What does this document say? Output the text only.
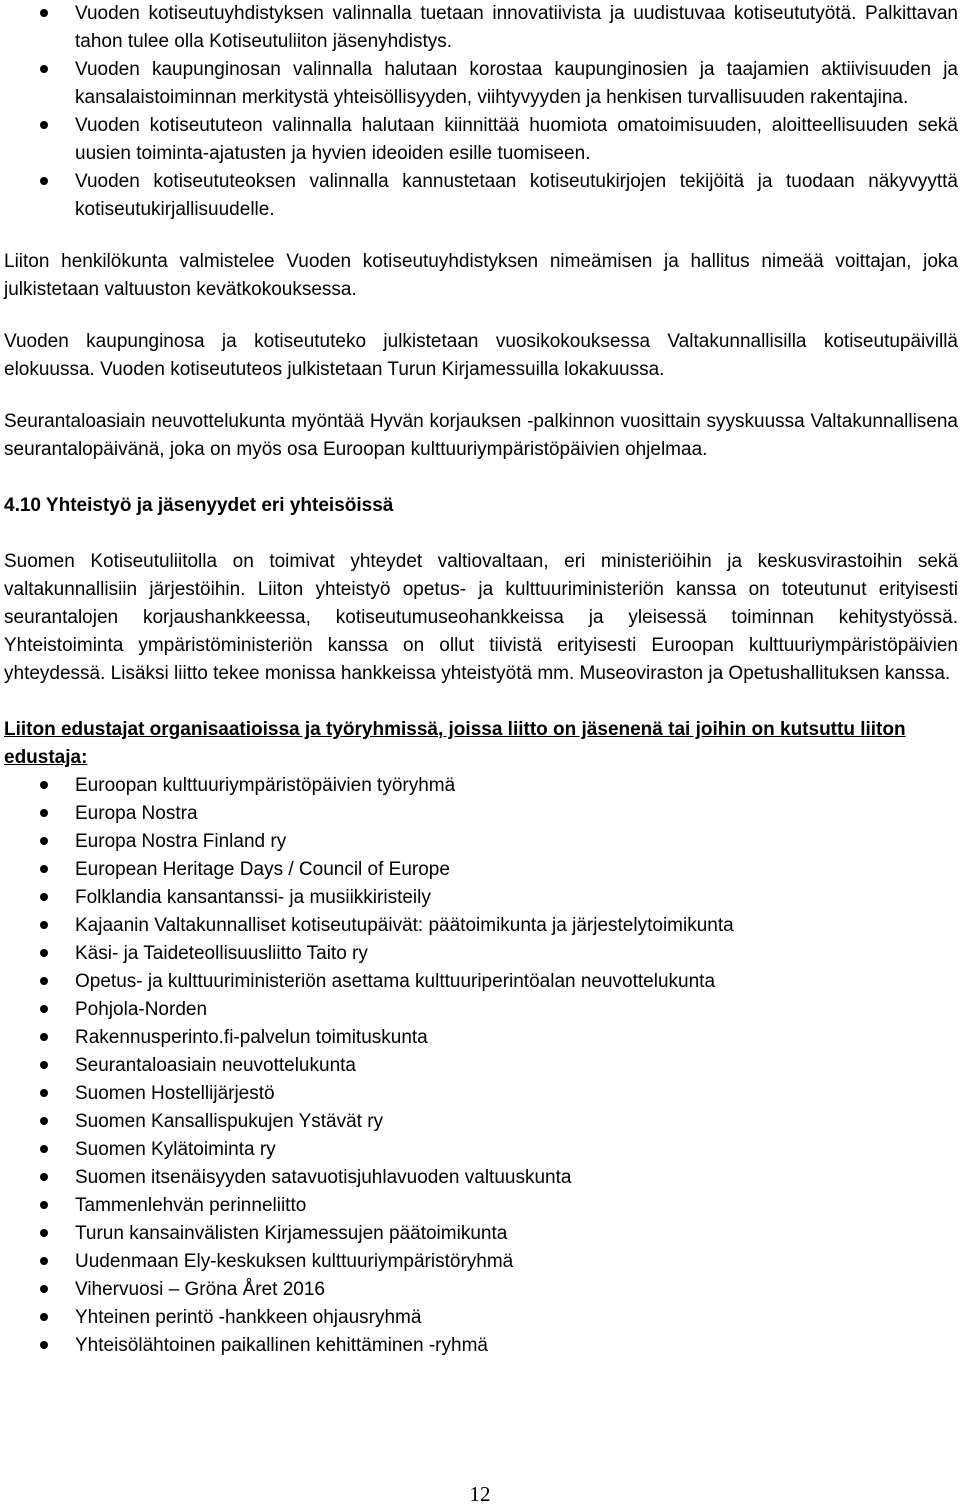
Vuoden kotiseutuyhdistyksen valinnalla tuetaan innovatiivista ja uudistuvaa kotiseututyötä. Palkittavan tahon tulee olla Kotiseutuliiton jäsenyhdistys.
Vuoden kaupunginosan valinnalla halutaan korostaa kaupunginosien ja taajamien aktiivisuuden ja kansalaistoiminnan merkitystä yhteisöllisyyden, viihtyvyyden ja henkisen turvallisuuden rakentajina.
Vuoden kotiseututeon valinnalla halutaan kiinnittää huomiota omatoimisuuden, aloitteellisuuden sekä uusien toiminta-ajatusten ja hyvien ideoiden esille tuomiseen.
Vuoden kotiseututeoksen valinnalla kannustetaan kotiseutukirjojen tekijöitä ja tuodaan näkyvyyttä kotiseutukirjallisuudelle.

Liiton henkilökunta valmistelee Vuoden kotiseutuyhdistyksen nimeämisen ja hallitus nimeää voittajan, joka julkistetaan valtuuston kevätkokouksessa.

Vuoden kaupunginosa ja kotiseututeko julkistetaan vuosikokouksessa Valtakunnallisilla kotiseutupäivillä elokuussa. Vuoden kotiseututeos julkistetaan Turun Kirjamessuilla lokakuussa.

Seurantaloasiain neuvottelukunta myöntää Hyvän korjauksen -palkinnon vuosittain syyskuussa Valtakunnallisena seurantalopäivänä, joka on myös osa Euroopan kulttuuriympäristöpäivien ohjelmaa.

4.10 Yhteistyö ja jäsenyydet eri yhteisöissä

Suomen Kotiseutuliitolla on toimivat yhteydet valtiovaltaan, eri ministeriöihin ja keskusvirastoihin sekä valtakunnallisiin järjestöihin. Liiton yhteistyö opetus- ja kulttuuriministeriön kanssa on toteutunut erityisesti seurantalojen korjaushankkeessa, kotiseutumuseohankkeissa ja yleisessä toiminnan kehitystyössä. Yhteistoiminta ympäristöministeriön kanssa on ollut tiivistä erityisesti Euroopan kulttuuriympäristöpäivien yhteydessä. Lisäksi liitto tekee monissa hankkeissa yhteistyötä mm. Museoviraston ja Opetushallituksen kanssa.

Liiton edustajat organisaatioissa ja työryhmissä, joissa liitto on jäsenenä tai joihin on kutsuttu liiton edustaja:

Euroopan kulttuuriympäristöpäivien työryhmä
Europa Nostra
Europa Nostra Finland ry
European Heritage Days / Council of Europe
Folklandia kansantanssi- ja musiikkiristeily
Kajaanin Valtakunnalliset kotiseutupäivät: päätoimikunta ja järjestelytoimikunta
Käsi- ja Taideteollisuusliitto Taito ry
Opetus- ja kulttuuriministeriön asettama kulttuuriperintöalan neuvottelukunta
Pohjola-Norden
Rakennusperinto.fi-palvelun toimituskunta
Seurantaloasiain neuvottelukunta
Suomen Hostellijärjestö
Suomen Kansallispukujen Ystävät ry
Suomen Kylätoiminta ry
Suomen itsenäisyyden satavuotisjuhlavuoden valtuuskunta
Tammenlehvän perinneliitto
Turun kansainvälisten Kirjamessujen päätoimikunta
Uudenmaan Ely-keskuksen kulttuuriympäristöryhmä
Vihervuosi – Gröna Året 2016
Yhteinen perintö -hankkeen ohjausryhmä
Yhteisölähtoinen paikallinen kehittäminen -ryhmä
12
